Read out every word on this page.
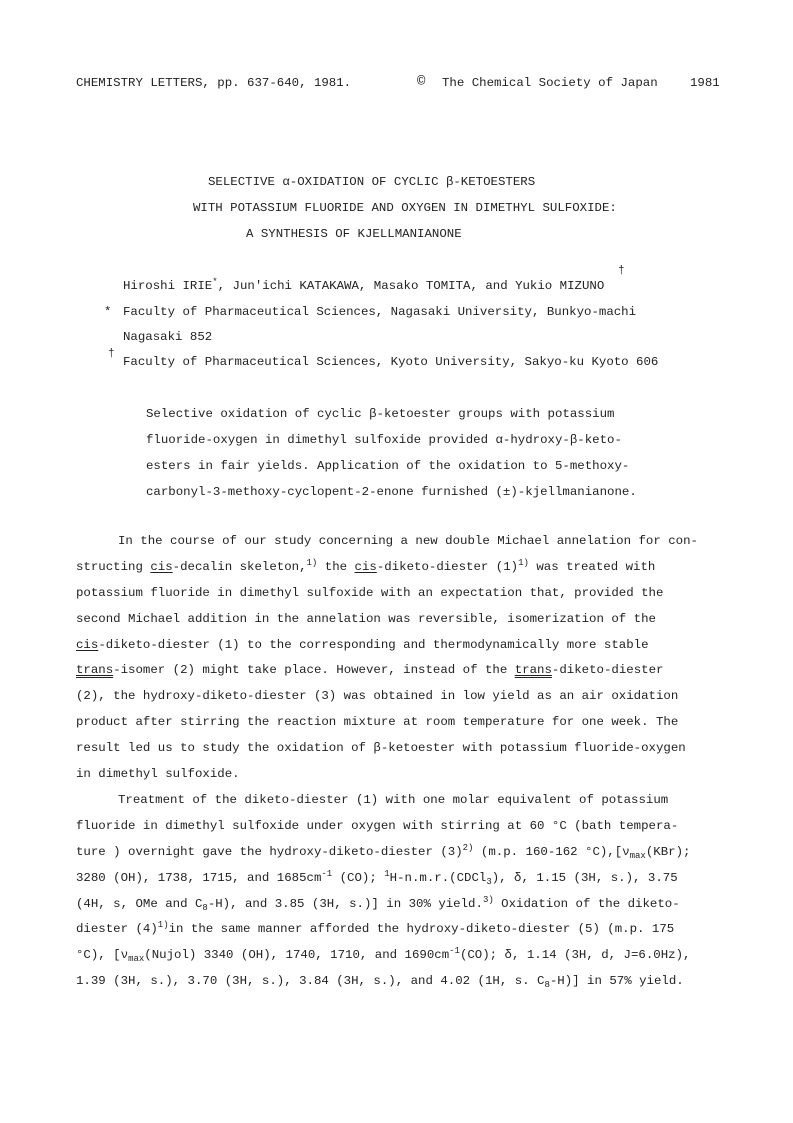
CHEMISTRY LETTERS, pp. 637-640, 1981.	© The Chemical Society of Japan	1981
SELECTIVE α-OXIDATION OF CYCLIC β-KETOESTERS
WITH POTASSIUM FLUORIDE AND OXYGEN IN DIMETHYL SULFOXIDE:
A SYNTHESIS OF KJELLMANIANONE
Hiroshi IRIE*, Jun'ichi KATAKAWA, Masako TOMITA, and Yukio MIZUNO
†
* Faculty of Pharmaceutical Sciences, Nagasaki University, Bunkyo-machi
Nagasaki 852
†
Faculty of Pharmaceutical Sciences, Kyoto University, Sakyo-ku Kyoto 606
Selective oxidation of cyclic β-ketoester groups with potassium
fluoride-oxygen in dimethyl sulfoxide provided α-hydroxy-β-keto-
esters in fair yields. Application of the oxidation to 5-methoxy-
carbonyl-3-methoxy-cyclopent-2-enone furnished (±)-kjellmanianone.
In the course of our study concerning a new double Michael annelation for con-
structing cis-decalin skeleton,$^{1)}$ the cis-diketo-diester $(1)^{1)}$ was treated with
potassium fluoride in dimethyl sulfoxide with an expectation that, provided the
second Michael addition in the annelation was reversible, isomerization of the
cis-diketo-diester (1) to the corresponding and thermodynamically more stable
trans-isomer (2) might take place. However, instead of the trans-diketo-diester
(2), the hydroxy-diketo-diester (3) was obtained in low yield as an air oxidation
product after stirring the reaction mixture at room temperature for one week. The
result led us to study the oxidation of β-ketoester with potassium fluoride-oxygen
in dimethyl sulfoxide.
Treatment of the diketo-diester (1) with one molar equivalent of potassium
fluoride in dimethyl sulfoxide under oxygen with stirring at 60 °C (bath tempera-
ture ) overnight gave the hydroxy-diketo-diester $(3)^{2)}$ (m.p. 160-162 $^\circ C),[\nu_{max}(KBr)$;
3280 (OH), 1738, 1715, and $1685cm^{-1}$ (CO); $^1$H-n.m.r.(CDCl$_3$), δ, 1.15 (3H, s.), 3.75
(4H, s, OMe and $C_8-H$), and 3.85 (3H, s.)] in 30% yield.$^{3)}$ Oxidation of the diketo-
diester $(4)^{1)}in$ the same manner afforded the hydroxy-diketo-diester (5) (m.p. 175
°C), [$\nu_{max}(Nujol)$ 3340 (OH), 1740, 1710, and $1690cm^{-1}(CO)$; δ, 1.14 (3H, d, J=6.0Hz),
1.39 (3H, s.), 3.70 (3H, s.), 3.84 (3H, s.), and 4.02 (1H, s. $C_8-H$)] in 57% yield.
